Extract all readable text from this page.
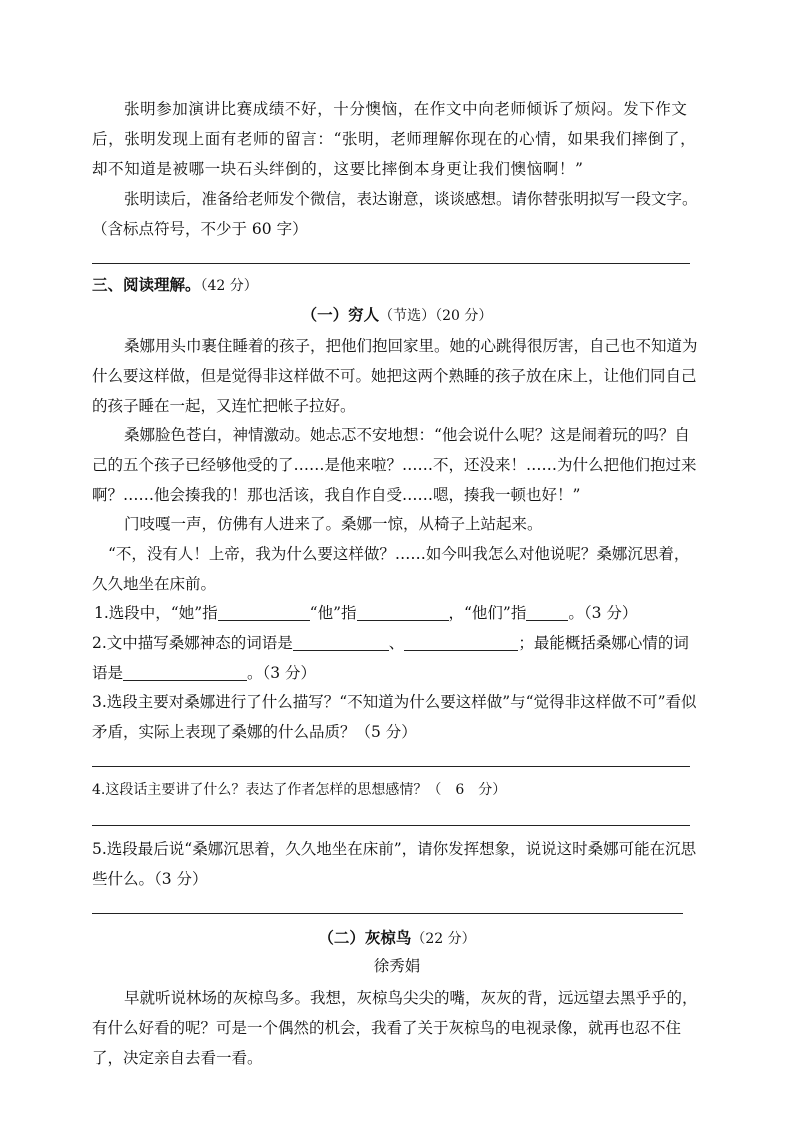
张明参加演讲比赛成绩不好，十分懊恼，在作文中向老师倾诉了烦闷。发下作文后，张明发现上面有老师的留言：“张明，老师理解你现在的心情，如果我们摔倒了，却不知道是被哪一块石头绊倒的，这要比摔倒本身更让我们懊恼啊！”

张明读后，准备给老师发个微信，表达谢意，谈谈感想。请你替张明拟写一段文字。（含标点符号，不少于 60 字）

三、阅读理解。（42 分）

（一）穷人（节选）（20 分）

桑娜用头巾裹住睡着的孩子，把他们抱回家里。她的心跳得很厉害，自己也不知道为什么要这样做，但是觉得非这样做不可。她把这两个熟睡的孩子放在床上，让他们同自己的孩子睡在一起，又连忙把帐子拉好。

桑娜脸色苍白，神情激动。她忐忑不安地想：“他会说什么呢？这是闹着玩的吗？自己的五个孩子已经够他受的了……是他来啦？……不，还没来！……为什么把他们抱过来啊？……他会揍我的！那也活该，我自作自受……嗯，揍我一顿也好！”

门吱嘎一声，仿佛有人进来了。桑娜一惊，从椅子上站起来。

“不，没有人！上帝，我为什么要这样做？……如今叫我怎么对他说呢？桑娜沉思着，久久地坐在床前。

1.选段中，“她”指	“他”指	，“他们”指	。（3 分）

2.文中描写桑娜神态的词语是	、	；最能概括桑娜心情的词
语是	。（3 分）

3.选段主要对桑娜进行了什么描写？“不知道为什么要这样做”与“觉得非这样做不可”看似矛盾，实际上表现了桑娜的什么品质？（5 分）

4.这段话主要讲了什么？表达了作者怎样的思想感情？（　6　分）

5.选段最后说“桑娜沉思着，久久地坐在床前”，请你发挥想象，说说这时桑娜可能在沉思些什么。（3 分）

（二）灰椋鸟（22 分）
徐秀娟

早就听说林场的灰椋鸟多。我想，灰椋鸟尖尖的嘴，灰灰的背，远远望去黑乎乎的，有什么好看的呢？可是一个偶然的机会，我看了关于灰椋鸟的电视录像，就再也忍不住了，决定亲自去看一看。
